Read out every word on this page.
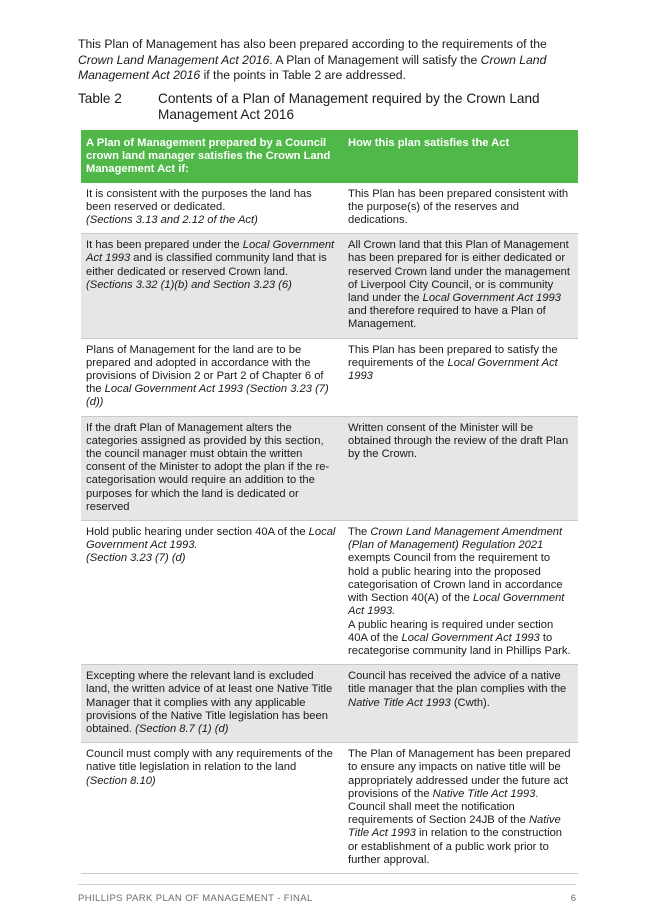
This Plan of Management has also been prepared according to the requirements of the Crown Land Management Act 2016. A Plan of Management will satisfy the Crown Land Management Act 2016 if the points in Table 2 are addressed.
Table 2	Contents of a Plan of Management required by the Crown Land Management Act 2016
A Plan of Management prepared by a Council crown land manager satisfies the Crown Land Management Act if:	How this plan satisfies the Act
It is consistent with the purposes the land has been reserved or dedicated.
(Sections 3.13 and 2.12 of the Act)	This Plan has been prepared consistent with the purpose(s) of the reserves and dedications.
It has been prepared under the Local Government Act 1993 and is classified community land that is either dedicated or reserved Crown land.
(Sections 3.32 (1)(b) and Section 3.23 (6)	All Crown land that this Plan of Management has been prepared for is either dedicated or reserved Crown land under the management of Liverpool City Council, or is community land under the Local Government Act 1993 and therefore required to have a Plan of Management.
Plans of Management for the land are to be prepared and adopted in accordance with the provisions of Division 2 or Part 2 of Chapter 6 of the Local Government Act 1993 (Section 3.23 (7) (d))	This Plan has been prepared to satisfy the requirements of the Local Government Act 1993
If the draft Plan of Management alters the categories assigned as provided by this section, the council manager must obtain the written consent of the Minister to adopt the plan if the re-categorisation would require an addition to the purposes for which the land is dedicated or reserved	Written consent of the Minister will be obtained through the review of the draft Plan by the Crown.
Hold public hearing under section 40A of the Local Government Act 1993.
(Section 3.23 (7) (d)	The Crown Land Management Amendment (Plan of Management) Regulation 2021 exempts Council from the requirement to hold a public hearing into the proposed categorisation of Crown land in accordance with Section 40(A) of the Local Government Act 1993.
A public hearing is required under section 40A of the Local Government Act 1993 to recategorise community land in Phillips Park.
Excepting where the relevant land is excluded land, the written advice of at least one Native Title Manager that it complies with any applicable provisions of the Native Title legislation has been obtained. (Section 8.7 (1) (d)	Council has received the advice of a native title manager that the plan complies with the Native Title Act 1993 (Cwth).
Council must comply with any requirements of the native title legislation in relation to the land
(Section 8.10)	The Plan of Management has been prepared to ensure any impacts on native title will be appropriately addressed under the future act provisions of the Native Title Act 1993. Council shall meet the notification requirements of Section 24JB of the Native Title Act 1993 in relation to the construction or establishment of a public work prior to further approval.
PHILLIPS PARK PLAN OF MANAGEMENT - FINAL	6
